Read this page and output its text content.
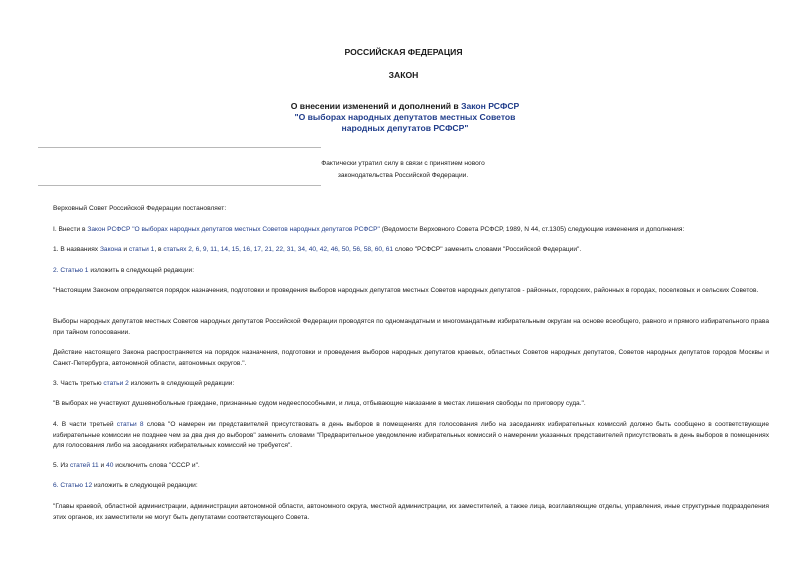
РОССИЙСКАЯ ФЕДЕРАЦИЯ
ЗАКОН
О внесении изменений и дополнений в Закон РСФСР
"О выборах народных депутатов местных Советов
народных депутатов РСФСР"
Фактически утратил силу в связи с принятием нового
законодательства Российской Федерации.
Верховный Совет Российской Федерации постановляет:
I. Внести в Закон РСФСР "О выборах народных депутатов местных Советов народных депутатов РСФСР" (Ведомости Верховного Совета РСФСР, 1989, N 44, ст.1305) следующие изменения и дополнения:
1. В названиях Закона и статьи 1, в статьях 2, 6, 9, 11, 14, 15, 16, 17, 21, 22, 31, 34, 40, 42, 46, 50, 56, 58, 60, 61 слово "РСФСР" заменить словами "Российской Федерации".
2. Статью 1 изложить в следующей редакции:
"Настоящим Законом определяется порядок назначения, подготовки и проведения выборов народных депутатов местных Советов народных депутатов - районных, городских, районных в городах, поселковых и сельских Советов.
Выборы народных депутатов местных Советов народных депутатов Российской Федерации проводятся по одномандатным и многомандатным избирательным округам на основе всеобщего, равного и прямого избирательного права при тайном голосовании.
Действие настоящего Закона распространяется на порядок назначения, подготовки и проведения выборов народных депутатов краевых, областных Советов народных депутатов, Советов народных депутатов городов Москвы и Санкт-Петербурга, автономной области, автономных округов.".
3. Часть третью статьи 2 изложить в следующей редакции:
"В выборах не участвуют душевнобольные граждане, признанные судом недееспособными, и лица, отбывающие наказание в местах лишения свободы по приговору суда.".
4. В части третьей статьи 8 слова "О намерен ии представителей присутствовать в день выборов в помещениях для голосования либо на заседаниях избирательных комиссий должно быть сообщено в соответствующие избирательные комиссии не позднее чем за два дня до выборов" заменить словами "Предварительное уведомление избирательных комиссий о намерении указанных представителей присутствовать в день выборов в помещениях для голосования либо на заседаниях избирательных комиссий не требуется".
5. Из статей 11 и 40 исключить слова "СССР и".
6. Статью 12 изложить в следующей редакции:
"Главы краевой, областной администрации, администрации автономной области, автономного округа, местной администрации, их заместителей, а также лица, возглавляющие отделы, управления, иные структурные подразделения этих органов, их заместители не могут быть депутатами соответствующего Совета.
